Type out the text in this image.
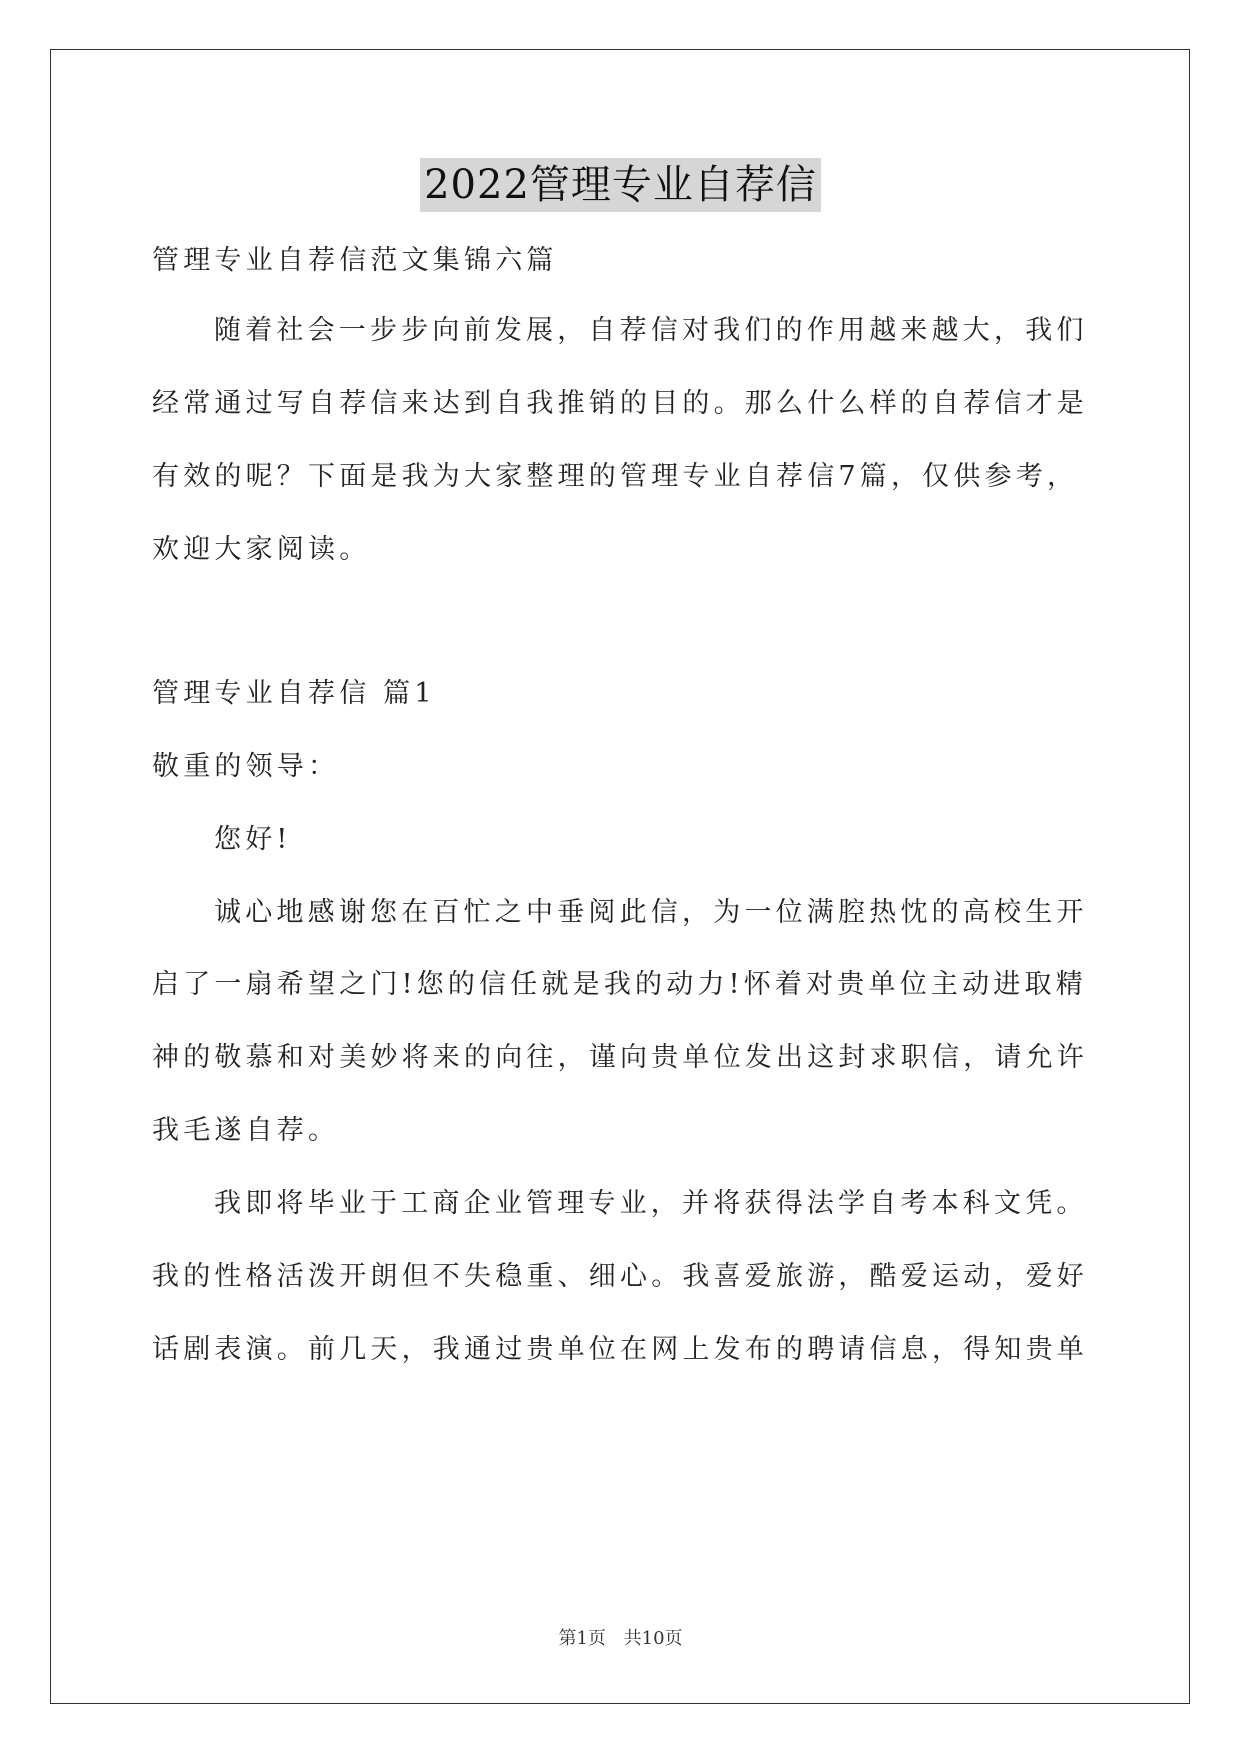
2022管理专业自荐信
管理专业自荐信范文集锦六篇
随着社会一步步向前发展，自荐信对我们的作用越来越大，我们
经常通过写自荐信来达到自我推销的目的。那么什么样的自荐信才是
有效的呢？下面是我为大家整理的管理专业自荐信7篇，仅供参考，
欢迎大家阅读。
管理专业自荐信 篇1
敬重的领导：
您好!
诚心地感谢您在百忙之中垂阅此信，为一位满腔热忱的高校生开
启了一扇希望之门!您的信任就是我的动力!怀着对贵单位主动进取精
神的敬慕和对美妙将来的向往，谨向贵单位发出这封求职信，请允许
我毛遂自荐。
我即将毕业于工商企业管理专业，并将获得法学自考本科文凭。
我的性格活泼开朗但不失稳重、细心。我喜爱旅游，酷爱运动，爱好
话剧表演。前几天，我通过贵单位在网上发布的聘请信息，得知贵单
第1页 共10页
